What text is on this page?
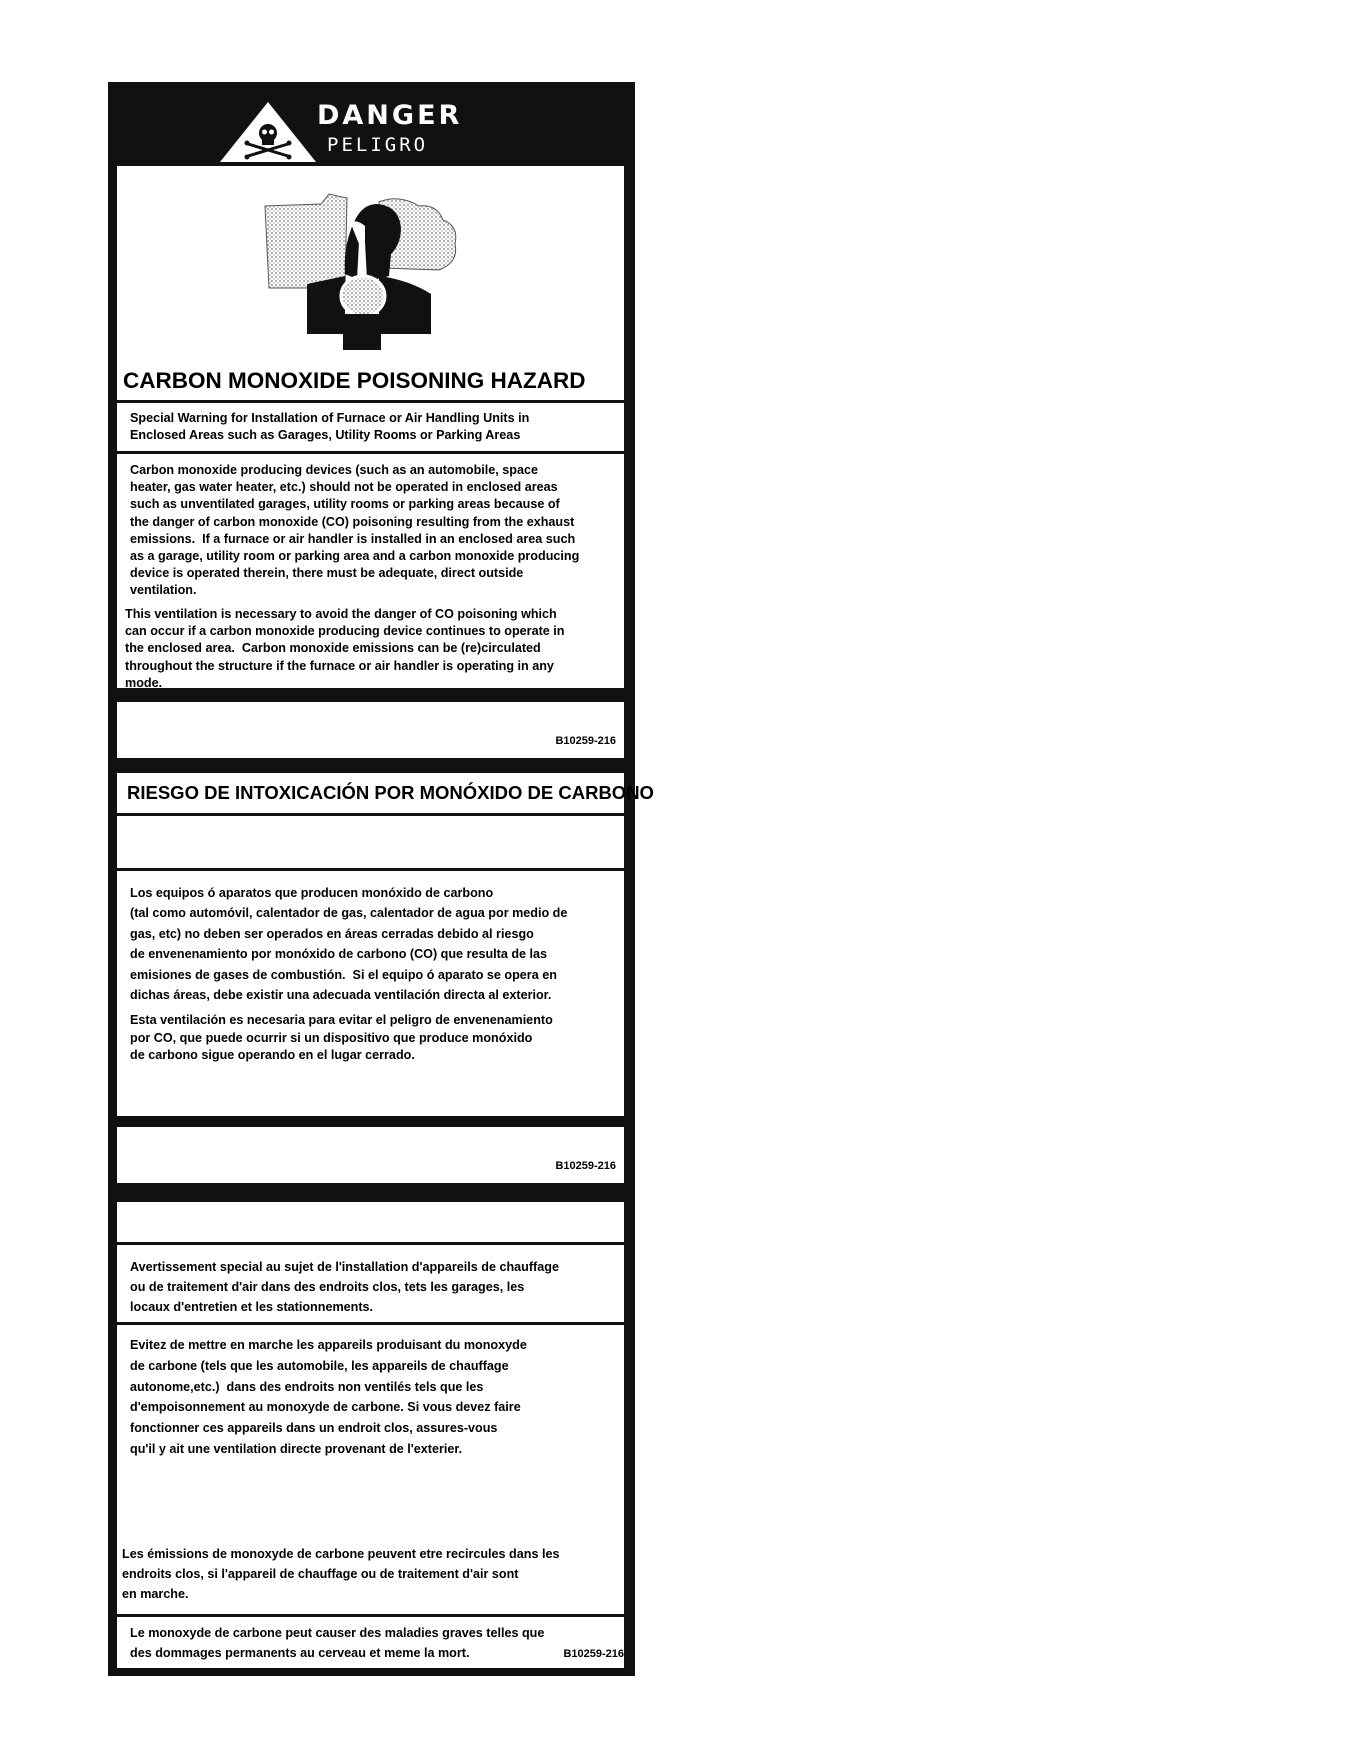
DANGER
PELIGRO
CARBON MONOXIDE POISONING HAZARD
Special Warning for Installation of Furnace or Air Handling Units in
Enclosed Areas such as Garages, Utility Rooms or Parking Areas
Carbon monoxide producing devices (such as an automobile, space
heater, gas water heater, etc.) should not be operated in enclosed areas
such as unventilated garages, utility rooms or parking areas because of
the danger of carbon monoxide (CO) poisoning resulting from the exhaust
emissions.  If a furnace or air handler is installed in an enclosed area such
as a garage, utility room or parking area and a carbon monoxide producing
device is operated therein, there must be adequate, direct outside
ventilation.
This ventilation is necessary to avoid the danger of CO poisoning which
can occur if a carbon monoxide producing device continues to operate in
the enclosed area.  Carbon monoxide emissions can be (re)circulated
throughout the structure if the furnace or air handler is operating in any
mode.
B10259-216
RIESGO DE INTOXICACIÓN POR MONÓXIDO DE CARBONO
Los equipos ó aparatos que producen monóxido de carbono
(tal como automóvil, calentador de gas, calentador de agua por medio de
gas, etc) no deben ser operados en áreas cerradas debido al riesgo
de envenenamiento por monóxido de carbono (CO) que resulta de las
emisiones de gases de combustión.  Si el equipo ó aparato se opera en
dichas áreas, debe existir una adecuada ventilación directa al exterior.
Esta ventilación es necesaria para evitar el peligro de envenenamiento
por CO, que puede ocurrir si un dispositivo que produce monóxido
de carbono sigue operando en el lugar cerrado.
B10259-216
Avertissement special au sujet de l'installation d'appareils de chauffage
ou de traitement d'air dans des endroits clos, tets les garages, les
locaux d'entretien et les stationnements.
Evitez de mettre en marche les appareils produisant du monoxyde
de carbone (tels que les automobile, les appareils de chauffage
autonome,etc.)  dans des endroits non ventilés tels que les
d'empoisonnement au monoxyde de carbone. Si vous devez faire
fonctionner ces appareils dans un endroit clos, assures-vous
qu'il y ait une ventilation directe provenant de l'exterier.
Les émissions de monoxyde de carbone peuvent etre recircules dans les
endroits clos, si l'appareil de chauffage ou de traitement d'air sont
en marche.
Le monoxyde de carbone peut causer des maladies graves telles que
des dommages permanents au cerveau et meme la mort.	B10259-216
